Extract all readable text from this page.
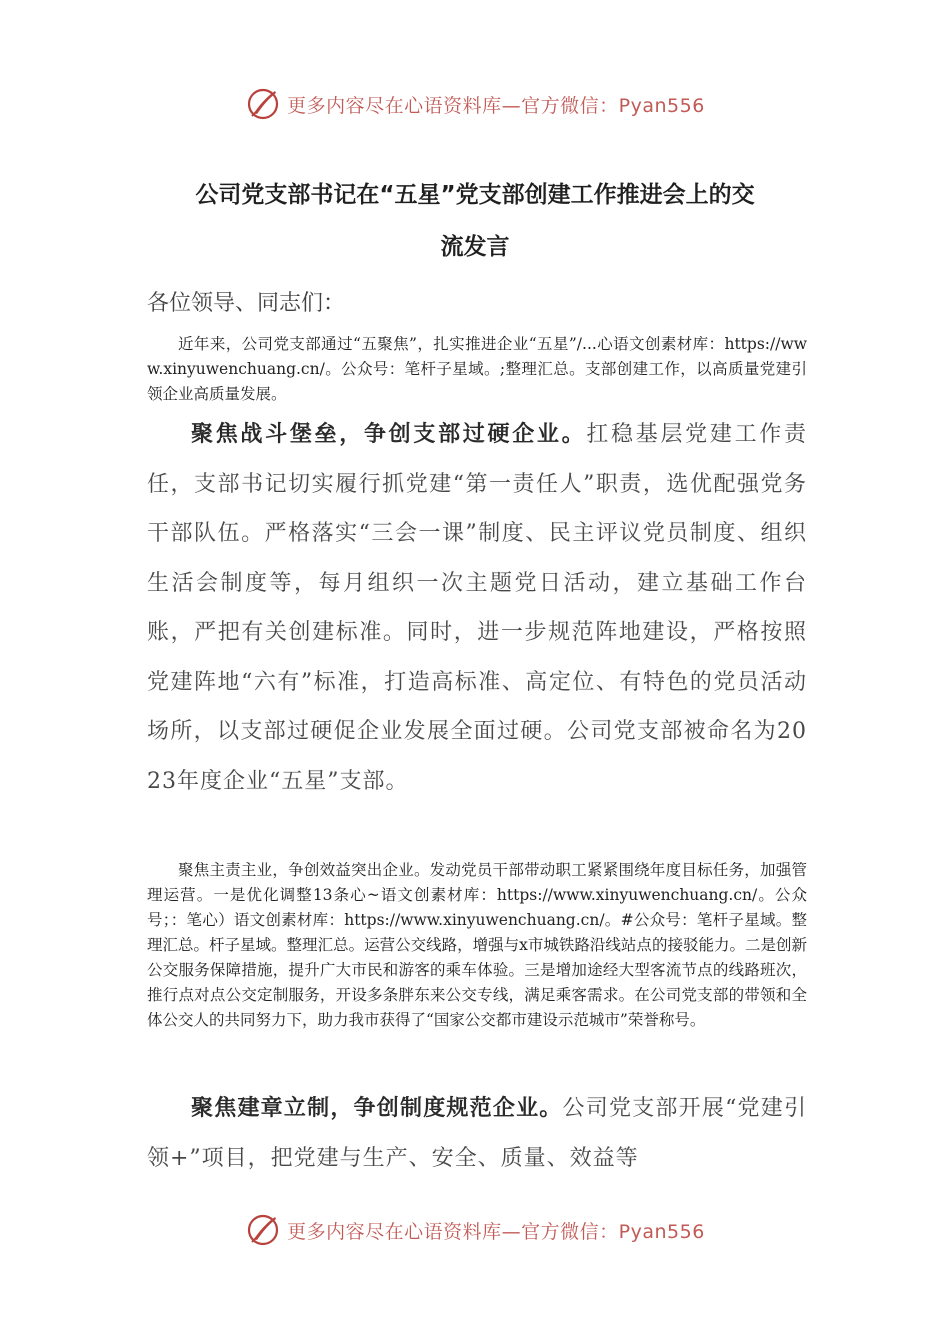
更多内容尽在心语资料库—官方微信：Pyan556
公司党支部书记在“五星”党支部创建工作推进会上的交
流发言

各位领导、同志们：

近年来，公司党支部通过“五聚焦”，扎实推进企业“五星”/...心语文创素材库：https://www.xinyuwenchuang.cn/。公众号：笔杆子星域。;整理汇总。支部创建工作，以高质量党建引领企业高质量发展。

聚焦战斗堡垒，争创支部过硬企业。扛稳基层党建工作责任，支部书记切实履行抓党建“第一责任人”职责，选优配强党务干部队伍。严格落实“三会一课”制度、民主评议党员制度、组织生活会制度等，每月组织一次主题党日活动，建立基础工作台账，严把有关创建标准。同时，进一步规范阵地建设，严格按照党建阵地“六有”标准，打造高标准、高定位、有特色的党员活动场所，以支部过硬促企业发展全面过硬。公司党支部被命名为2023年度企业“五星”支部。

聚焦主责主业，争创效益突出企业。发动党员干部带动职工紧紧围绕年度目标任务，加强管理运营。一是优化调整13条心~语文创素材库：https://www.xinyuwenchuang.cn/。公众号；：笔心）语文创素材库：https://www.xinyuwenchuang.cn/。#公众号：笔杆子星域。整理汇总。杆子星域。整理汇总。运营公交线路，增强与x市城铁路沿线站点的接驳能力。二是创新公交服务保障措施，提升广大市民和游客的乘车体验。三是增加途经大型客流节点的线路班次，推行点对点公交定制服务，开设多条胖东来公交专线，满足乘客需求。在公司党支部的带领和全体公交人的共同努力下，助力我市获得了“国家公交都市建设示范城市”荣誉称号。

聚焦建章立制，争创制度规范企业。公司党支部开展“党建引领+”项目，把党建与生产、安全、质量、效益等

更多内容尽在心语资料库—官方微信：Pyan556
